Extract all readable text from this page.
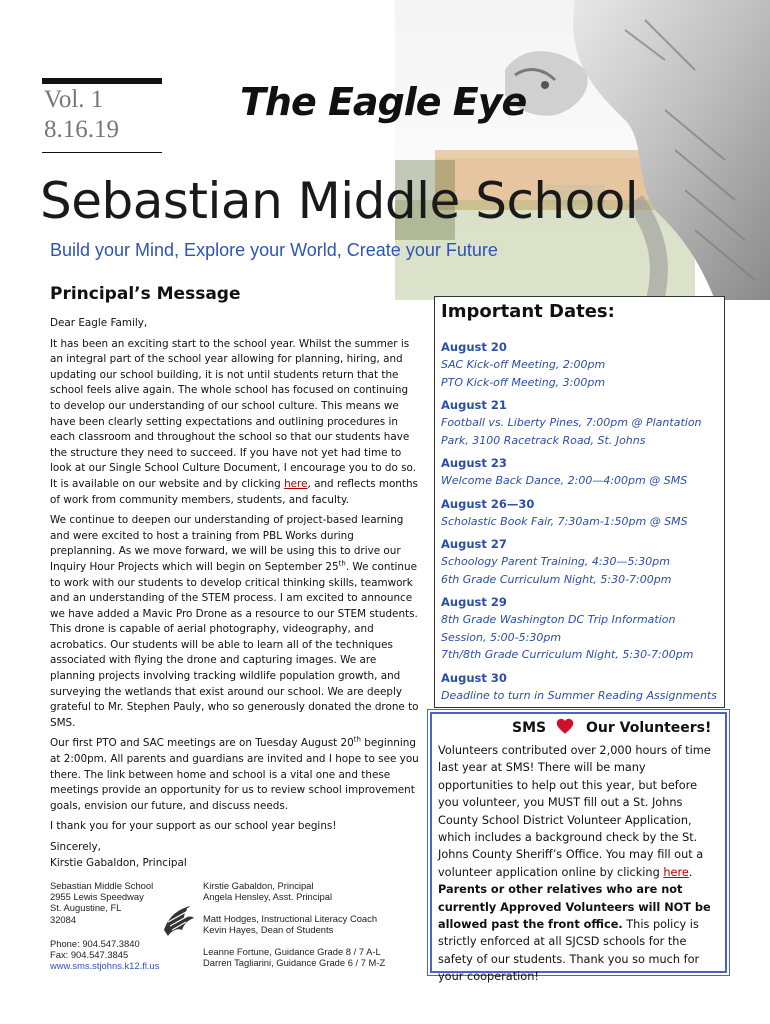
Vol. 1
8.16.19
The Eagle Eye
Sebastian Middle School
Build your Mind, Explore your World, Create your Future
Principal’s Message

Dear Eagle Family,

It has been an exciting start to the school year. Whilst the summer is an integral part of the school year allowing for planning, hiring, and updating our school building, it is not until students return that the school feels alive again. The whole school has focused on continuing to develop our understanding of our school culture. This means we have been clearly setting expectations and outlining procedures in each classroom and throughout the school so that our students have the structure they need to succeed. If you have not yet had time to look at our Single School Culture Document, I encourage you to do so. It is available on our website and by clicking here, and reflects months of work from community members, students, and faculty.

We continue to deepen our understanding of project-based learning and were excited to host a training from PBL Works during preplanning. As we move forward, we will be using this to drive our Inquiry Hour Projects which will begin on September 25th. We continue to work with our students to develop critical thinking skills, teamwork and an understanding of the STEM process. I am excited to announce we have added a Mavic Pro Drone as a resource to our STEM students. This drone is capable of aerial photography, videography, and acrobatics. Our students will be able to learn all of the techniques associated with flying the drone and capturing images. We are planning projects involving tracking wildlife population growth, and surveying the wetlands that exist around our school. We are deeply grateful to Mr. Stephen Pauly, who so generously donated the drone to SMS.

Our first PTO and SAC meetings are on Tuesday August 20th beginning at 2:00pm. All parents and guardians are invited and I hope to see you there. The link between home and school is a vital one and these meetings provide an opportunity for us to review school improvement goals, envision our future, and discuss needs.

I thank you for your support as our school year begins!

Sincerely,

Kirstie Gabaldon, Principal

Important Dates:
August 20
SAC Kick-off Meeting, 2:00pm
PTO Kick-off Meeting, 3:00pm
August 21
Football vs. Liberty Pines, 7:00pm @ Plantation Park, 3100 Racetrack Road, St. Johns
August 23
Welcome Back Dance, 2:00—4:00pm @ SMS
August 26—30
Scholastic Book Fair, 7:30am-1:50pm @ SMS
August 27
Schoology Parent Training, 4:30—5:30pm
6th Grade Curriculum Night, 5:30-7:00pm
August 29
8th Grade Washington DC Trip Information Session, 5:00-5:30pm
7th/8th Grade Curriculum Night, 5:30-7:00pm
August 30
Deadline to turn in Summer Reading Assignments
SMS	Our Volunteers!
Volunteers contributed over 2,000 hours of time last year at SMS! There will be many opportunities to help out this year, but before you volunteer, you MUST fill out a St. Johns County School District Volunteer Application, which includes a background check by the St. Johns County Sheriff’s Office. You may fill out a volunteer application online by clicking here. Parents or other relatives who are not currently Approved Volunteers will NOT be allowed past the front office. This policy is strictly enforced at all SJCSD schools for the safety of our students. Thank you so much for your cooperation!
Sebastian Middle School
2955 Lewis Speedway
St. Augustine, FL
32084
Phone: 904.547.3840
Fax: 904.547.3845
www.sms.stjohns.k12.fl.us
Kirstie Gabaldon, Principal
Angela Hensley, Asst. Principal
Matt Hodges, Instructional Literacy Coach
Kevin Hayes, Dean of Students
Leanne Fortune, Guidance Grade 8 / 7 A-L
Darren Tagliarini, Guidance Grade 6 / 7 M-Z
